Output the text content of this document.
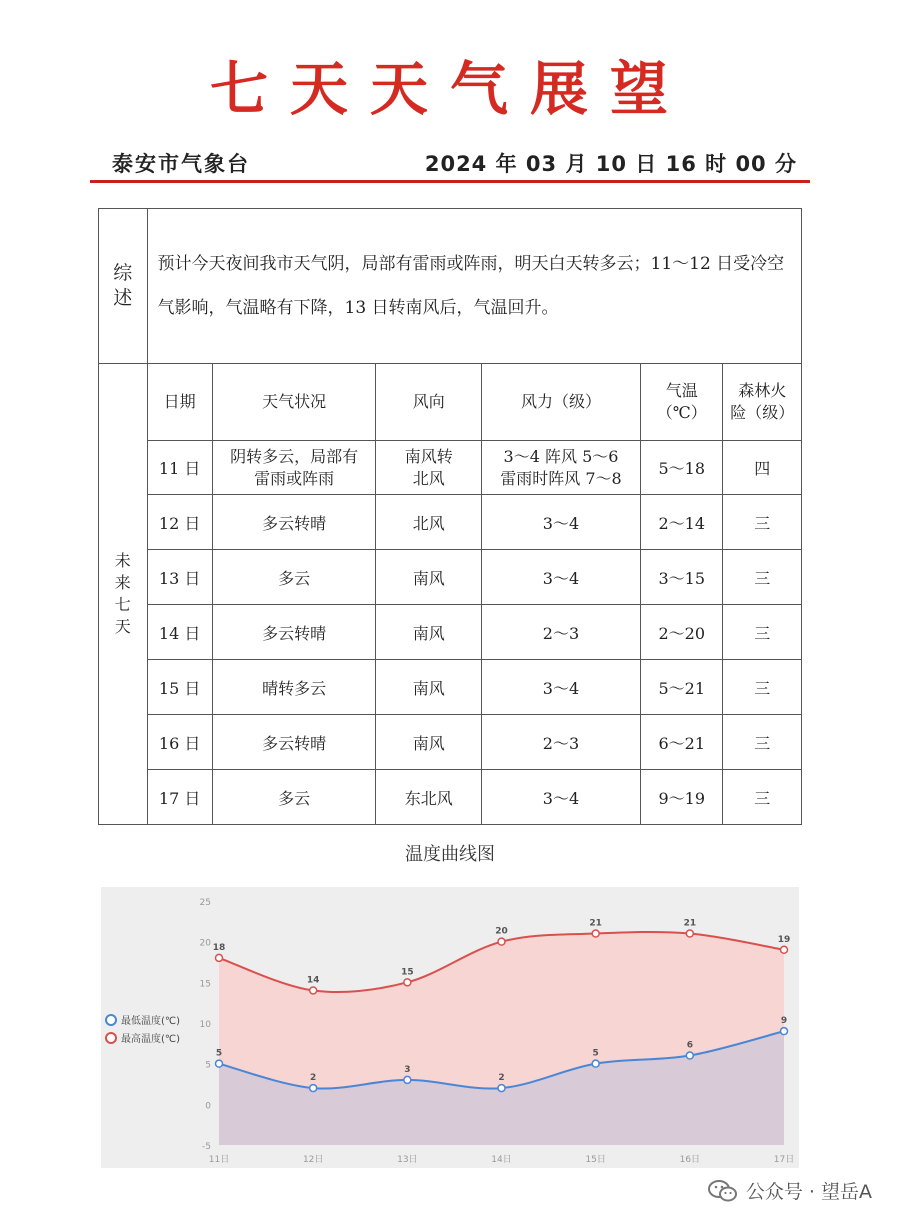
七天天气展望
泰安市气象台	2024 年 03 月 10 日 16 时 00 分
综
述	预计今天夜间我市天气阴，局部有雷雨或阵雨，明天白天转多云；11～12 日受冷空气影响，气温略有下降，13 日转南风后，气温回升。					
未
来
七
天	日期	天气状况	风向	风力（级）	气温
（℃）	森林火
险（级）
	11 日	阴转多云，局部有
雷雨或阵雨	南风转
北风	3～4 阵风 5～6
雷雨时阵风 7～8	5～18	四
	12 日	多云转晴	北风	3～4	2～14	三
	13 日	多云	南风	3～4	3～15	三
	14 日	多云转晴	南风	2～3	2～20	三
	15 日	晴转多云	南风	3～4	5～21	三
	16 日	多云转晴	南风	2～3	6～21	三
	17 日	多云	东北风	3～4	9～19	三
温度曲线图
-5
0
5
10
15
20
25
11日	12日	13日	14日	15日	16日	17日
18
14
15
20
21	21
19
5
2
3
2
5
6
9
最低温度(℃)
最高温度(℃)
公众号 · 望岳A
